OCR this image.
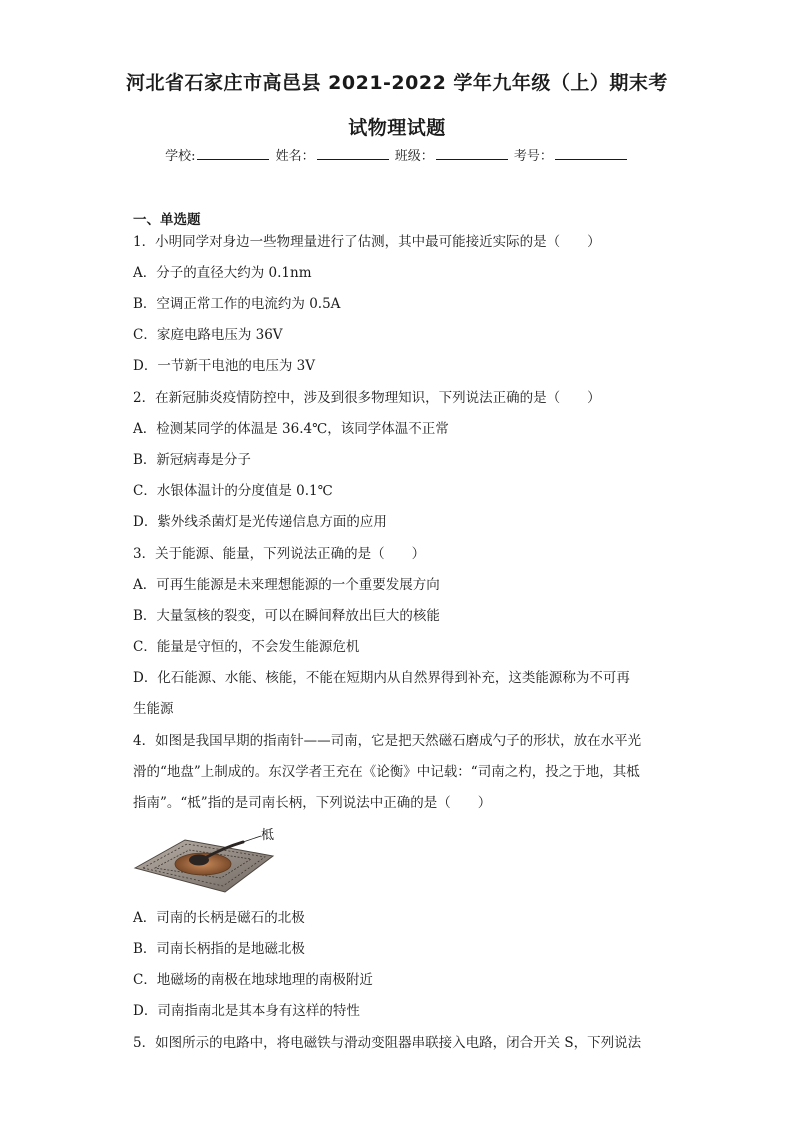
河北省石家庄市高邑县 2021-2022 学年九年级（上）期末考
试物理试题
学校:	姓名：	班级：	考号：
一、单选题
1．小明同学对身边一些物理量进行了估测，其中最可能接近实际的是（　　）
A．分子的直径大约为 0.1nm
B．空调正常工作的电流约为 0.5A
C．家庭电路电压为 36V
D．一节新干电池的电压为 3V
2．在新冠肺炎疫情防控中，涉及到很多物理知识，下列说法正确的是（　　）
A．检测某同学的体温是 36.4℃，该同学体温不正常
B．新冠病毒是分子
C．水银体温计的分度值是 0.1℃
D．紫外线杀菌灯是光传递信息方面的应用
3．关于能源、能量，下列说法正确的是（　　）
A．可再生能源是未来理想能源的一个重要发展方向
B．大量氢核的裂变，可以在瞬间释放出巨大的核能
C．能量是守恒的，不会发生能源危机
D．化石能源、水能、核能，不能在短期内从自然界得到补充，这类能源称为不可再
生能源
4．如图是我国早期的指南针——司南，它是把天然磁石磨成勺子的形状，放在水平光
滑的“地盘”上制成的。东汉学者王充在《论衡》中记载：“司南之杓，投之于地，其柢
指南”。“柢”指的是司南长柄，下列说法中正确的是（　　）
A．司南的长柄是磁石的北极
B．司南长柄指的是地磁北极
C．地磁场的南极在地球地理的南极附近
D．司南指南北是其本身有这样的特性
5．如图所示的电路中，将电磁铁与滑动变阻器串联接入电路，闭合开关 S，下列说法
柢
